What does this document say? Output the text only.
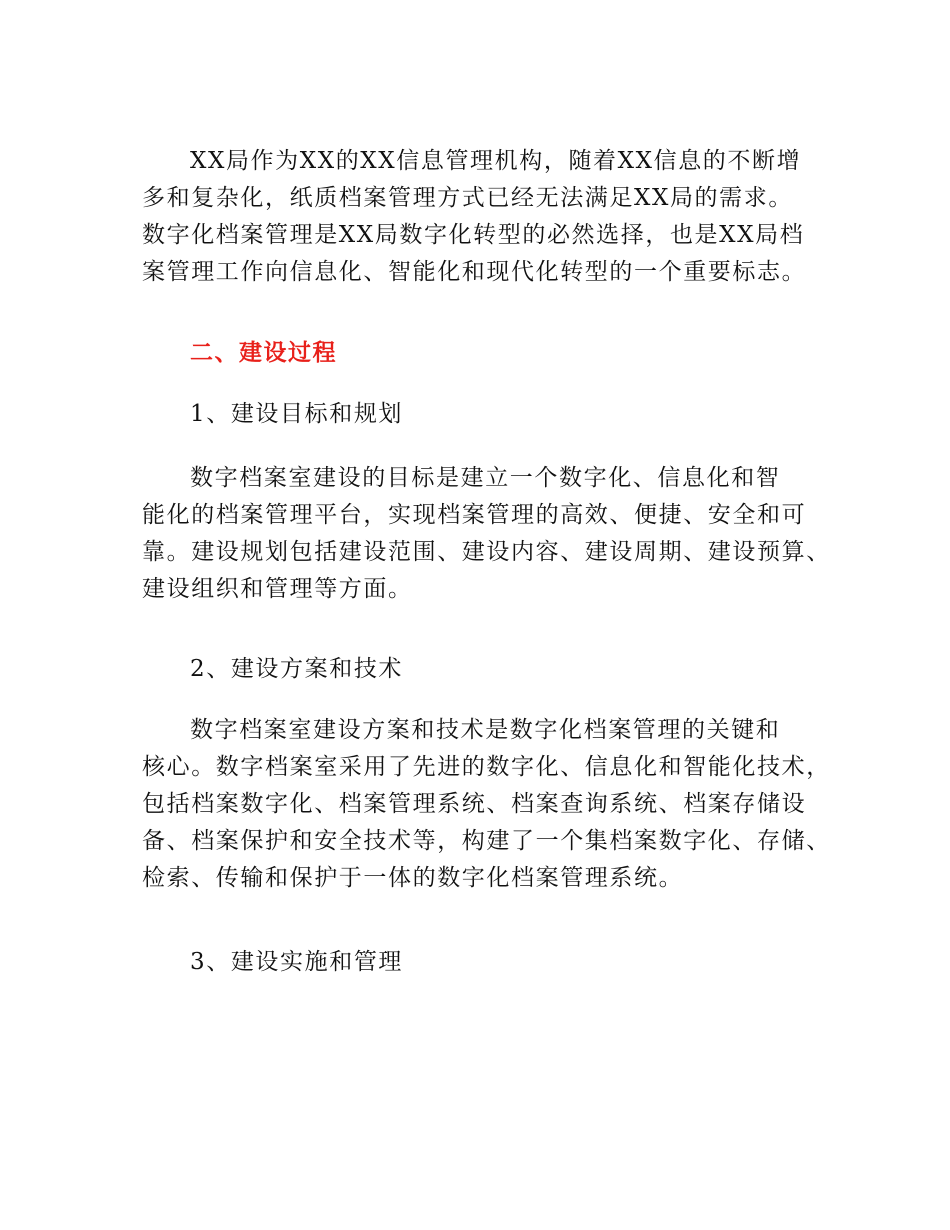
XX局作为XX的XX信息管理机构，随着XX信息的不断增
多和复杂化，纸质档案管理方式已经无法满足XX局的需求。
数字化档案管理是XX局数字化转型的必然选择，也是XX局档
案管理工作向信息化、智能化和现代化转型的一个重要标志。
二、建设过程
1、建设目标和规划
数字档案室建设的目标是建立一个数字化、信息化和智
能化的档案管理平台，实现档案管理的高效、便捷、安全和可
靠。建设规划包括建设范围、建设内容、建设周期、建设预算、
建设组织和管理等方面。
2、建设方案和技术
数字档案室建设方案和技术是数字化档案管理的关键和
核心。数字档案室采用了先进的数字化、信息化和智能化技术，
包括档案数字化、档案管理系统、档案查询系统、档案存储设
备、档案保护和安全技术等，构建了一个集档案数字化、存储、
检索、传输和保护于一体的数字化档案管理系统。
3、建设实施和管理
